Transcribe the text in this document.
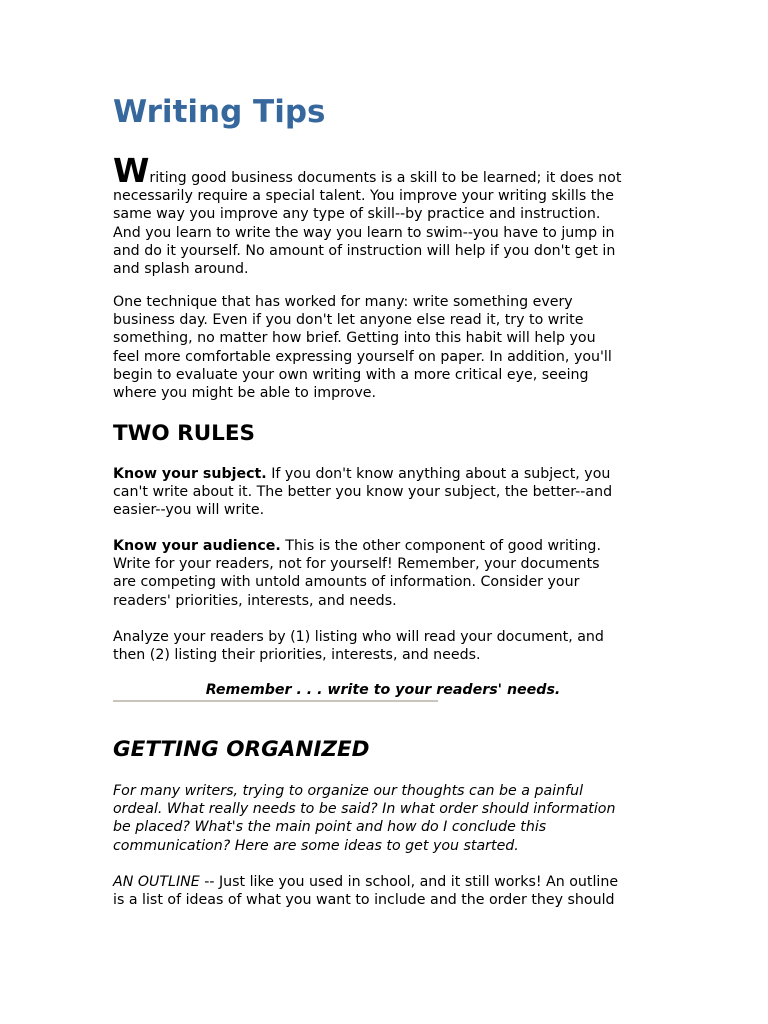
Writing Tips
Writing good business documents is a skill to be learned; it does not
necessarily require a special talent. You improve your writing skills the
same way you improve any type of skill--by practice and instruction.
And you learn to write the way you learn to swim--you have to jump in
and do it yourself. No amount of instruction will help if you don't get in
and splash around.
One technique that has worked for many: write something every
business day. Even if you don't let anyone else read it, try to write
something, no matter how brief. Getting into this habit will help you
feel more comfortable expressing yourself on paper. In addition, you'll
begin to evaluate your own writing with a more critical eye, seeing
where you might be able to improve.
TWO RULES
Know your subject. If you don't know anything about a subject, you
can't write about it. The better you know your subject, the better--and
easier--you will write.
Know your audience. This is the other component of good writing.
Write for your readers, not for yourself! Remember, your documents
are competing with untold amounts of information. Consider your
readers' priorities, interests, and needs.
Analyze your readers by (1) listing who will read your document, and
then (2) listing their priorities, interests, and needs.
Remember . . . write to your readers' needs.
GETTING ORGANIZED
For many writers, trying to organize our thoughts can be a painful
ordeal. What really needs to be said? In what order should information
be placed? What's the main point and how do I conclude this
communication? Here are some ideas to get you started.
AN OUTLINE -- Just like you used in school, and it still works! An outline
is a list of ideas of what you want to include and the order they should
